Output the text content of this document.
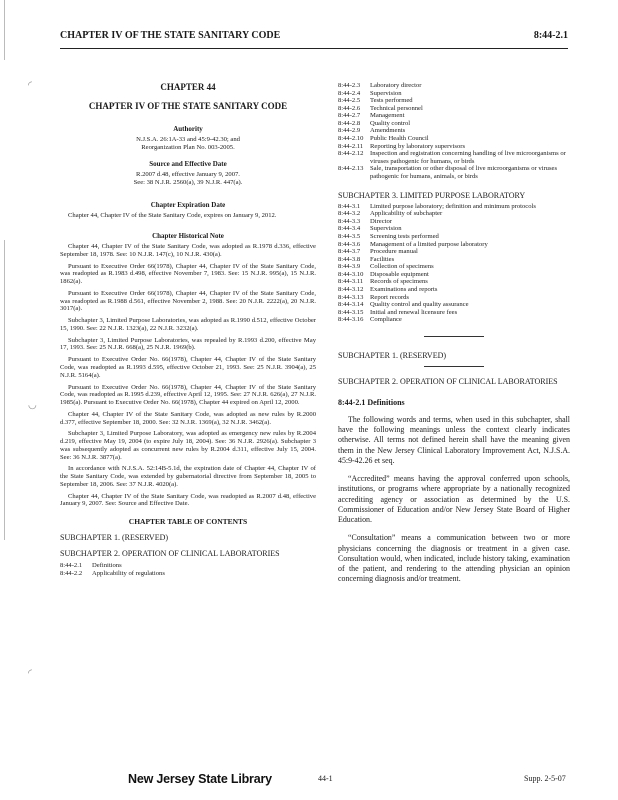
◜
◡
◜
CHAPTER IV OF THE STATE SANITARY CODE	8:44-2.1

CHAPTER 44

CHAPTER IV OF THE STATE SANITARY CODE

Authority
N.J.S.A. 26:1A-33 and 45:9-42.30; and
Reorganization Plan No. 003-2005.
Source and Effective Date
R.2007 d.48, effective January 9, 2007.
See: 38 N.J.R. 2560(a), 39 N.J.R. 447(a).
Chapter Expiration Date

Chapter 44, Chapter IV of the State Sanitary Code, expires on January 9, 2012.

Chapter Historical Note

Chapter 44, Chapter IV of the State Sanitary Code, was adopted as R.1978 d.336, effective September 18, 1978. See: 10 N.J.R. 147(c), 10 N.J.R. 430(a).

Pursuant to Executive Order 66(1978), Chapter 44, Chapter IV of the State Sanitary Code, was readopted as R.1983 d.498, effective November 7, 1983. See: 15 N.J.R. 995(a), 15 N.J.R. 1862(a).

Pursuant to Executive Order 66(1978), Chapter 44, Chapter IV of the State Sanitary Code, was readopted as R.1988 d.561, effective November 2, 1988. See: 20 N.J.R. 2222(a), 20 N.J.R. 3017(a).

Subchapter 3, Limited Purpose Laboratories, was adopted as R.1990 d.512, effective October 15, 1990. See: 22 N.J.R. 1323(a), 22 N.J.R. 3232(a).

Subchapter 3, Limited Purpose Laboratories, was repealed by R.1993 d.200, effective May 17, 1993. See: 25 N.J.R. 668(a), 25 N.J.R. 1969(b).

Pursuant to Executive Order No. 66(1978), Chapter 44, Chapter IV of the State Sanitary Code, was readopted as R.1993 d.595, effective October 21, 1993. See: 25 N.J.R. 3904(a), 25 N.J.R. 5164(a).

Pursuant to Executive Order No. 66(1978), Chapter 44, Chapter IV of the State Sanitary Code, was readopted as R.1995 d.239, effective April 12, 1995. See: 27 N.J.R. 626(a), 27 N.J.R. 1985(a). Pursuant to Executive Order No. 66(1978), Chapter 44 expired on April 12, 2000.

Chapter 44, Chapter IV of the State Sanitary Code, was adopted as new rules by R.2000 d.377, effective September 18, 2000. See: 32 N.J.R. 1369(a), 32 N.J.R. 3462(a).

Subchapter 3, Limited Purpose Laboratory, was adopted as emergency new rules by R.2004 d.219, effective May 19, 2004 (to expire July 18, 2004). See: 36 N.J.R. 2926(a). Subchapter 3 was subsequently adopted as concurrent new rules by R.2004 d.311, effective July 15, 2004. See: 36 N.J.R. 3877(a).

In accordance with N.J.S.A. 52:14B-5.1d, the expiration date of Chapter 44, Chapter IV of the State Sanitary Code, was extended by gubernatorial directive from September 18, 2005 to September 18, 2006. See: 37 N.J.R. 4020(a).

Chapter 44, Chapter IV of the State Sanitary Code, was readopted as R.2007 d.48, effective January 9, 2007. See: Source and Effective Date.

CHAPTER TABLE OF CONTENTS
SUBCHAPTER 1. (RESERVED)
SUBCHAPTER 2. OPERATION OF CLINICAL LABORATORIES
8:44-2.1	Definitions
8:44-2.2	Applicability of regulations
8:44-2.3	Laboratory director
8:44-2.4	Supervision
8:44-2.5	Tests performed
8:44-2.6	Technical personnel
8:44-2.7	Management
8:44-2.8	Quality control
8:44-2.9	Amendments
8:44-2.10 Public Health Council
8:44-2.11	Reporting by laboratory supervisors
8:44-2.12 Inspection and registration concerning handling of live microorganisms or viruses pathogenic for humans, or birds
8:44-2.13 Sale, transportation or other disposal of live microorganisms or viruses pathogenic for humans, animals, or birds
SUBCHAPTER 3. LIMITED PURPOSE LABORATORY
8:44-3.1	Limited purpose laboratory; definition and minimum protocols
8:44-3.2	Applicability of subchapter
8:44-3.3	Director
8:44-3.4	Supervision
8:44-3.5	Screening tests performed
8:44-3.6	Management of a limited purpose laboratory
8:44-3.7	Procedure manual
8:44-3.8	Facilities
8:44-3.9	Collection of specimens
8:44-3.10 Disposable equipment
8:44-3.11	Records of specimens
8:44-3.12 Examinations and reports
8:44-3.13 Report records
8:44-3.14 Quality control and quality assurance
8:44-3.15 Initial and renewal licensure fees
8:44-3.16 Compliance
SUBCHAPTER 1. (RESERVED)
SUBCHAPTER 2. OPERATION OF CLINICAL LABORATORIES
8:44-2.1 Definitions

The following words and terms, when used in this subchapter, shall have the following meanings unless the context clearly indicates otherwise. All terms not defined herein shall have the meaning given them in the New Jersey Clinical Laboratory Improvement Act, N.J.S.A. 45:9-42.26 et seq.

“Accredited” means having the approval conferred upon schools, institutions, or programs where appropriate by a nationally recognized accrediting agency or association as determined by the U.S. Commissioner of Education and/or New Jersey State Board of Higher Education.

“Consultation” means a communication between two or more physicians concerning the diagnosis or treatment in a given case. Consultation would, when indicated, include history taking, examination of the patient, and rendering to the attending physician an opinion concerning diagnosis and/or treatment.

New Jersey State Library	44-1	Supp. 2-5-07
